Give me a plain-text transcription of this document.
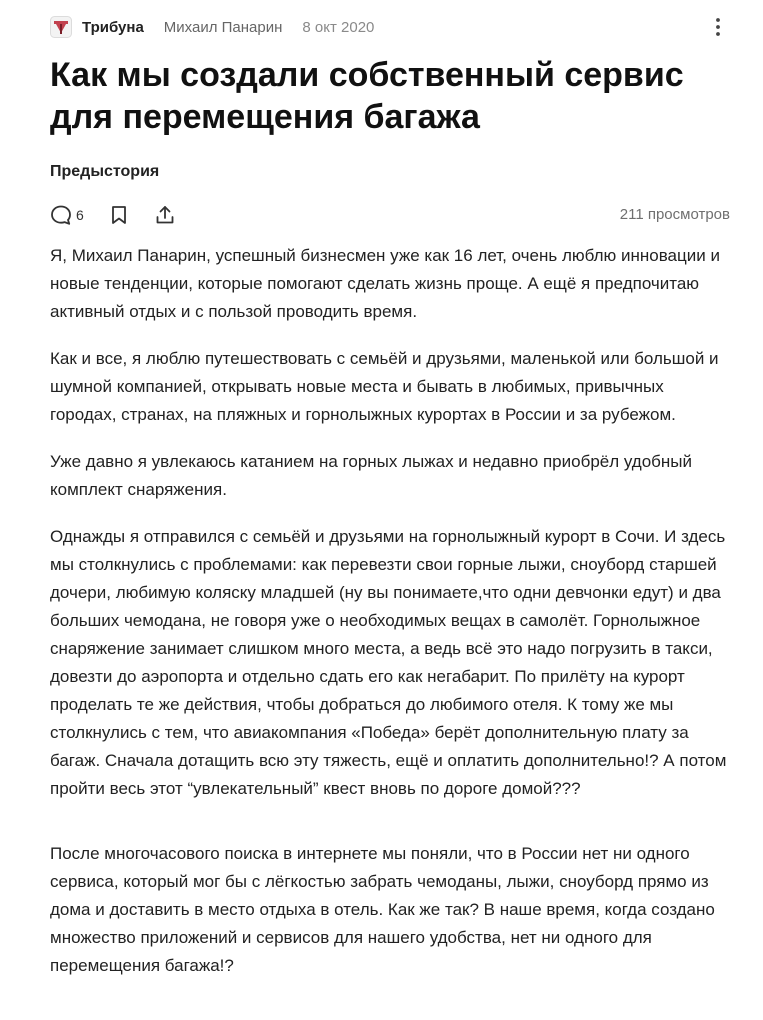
Трибуна Михаил Панарин 8 окт 2020
Как мы создали собственный сервис для перемещения багажа
Предыстория
6	211 просмотров

Я, Михаил Панарин, успешный бизнесмен уже как 16 лет, очень люблю инновации и новые тенденции, которые помогают сделать жизнь проще. А ещё я предпочитаю активный отдых и с пользой проводить время.

Как и все, я люблю путешествовать с семьёй и друзьями, маленькой или большой и шумной компанией, открывать новые места и бывать в любимых, привычных городах, странах, на пляжных и горнолыжных курортах в России и за рубежом.

Уже давно я увлекаюсь катанием на горных лыжах и недавно приобрёл удобный комплект снаряжения.

Однажды я отправился с семьёй и друзьями на горнолыжный курорт в Сочи. И здесь мы столкнулись с проблемами: как перевезти свои горные лыжи, сноуборд старшей дочери, любимую коляску младшей (ну вы понимаете,что одни девчонки едут) и два больших чемодана, не говоря уже о необходимых вещах в самолёт. Горнолыжное снаряжение занимает слишком много места, а ведь всё это надо погрузить в такси, довезти до аэропорта и отдельно сдать его как негабарит. По прилёту на курорт проделать те же действия, чтобы добраться до любимого отеля. К тому же мы столкнулись с тем, что авиакомпания «Победа» берёт дополнительную плату за багаж. Сначала дотащить всю эту тяжесть, ещё и оплатить дополнительно!? А потом пройти весь этот “увлекательный” квест вновь по дороге домой???

После многочасового поиска в интернете мы поняли, что в России нет ни одного сервиса, который мог бы с лёгкостью забрать чемоданы, лыжи, сноуборд прямо из дома и доставить в место отдыха в отель. Как же так? В наше время, когда создано множество приложений и сервисов для нашего удобства, нет ни одного для перемещения багажа!?
